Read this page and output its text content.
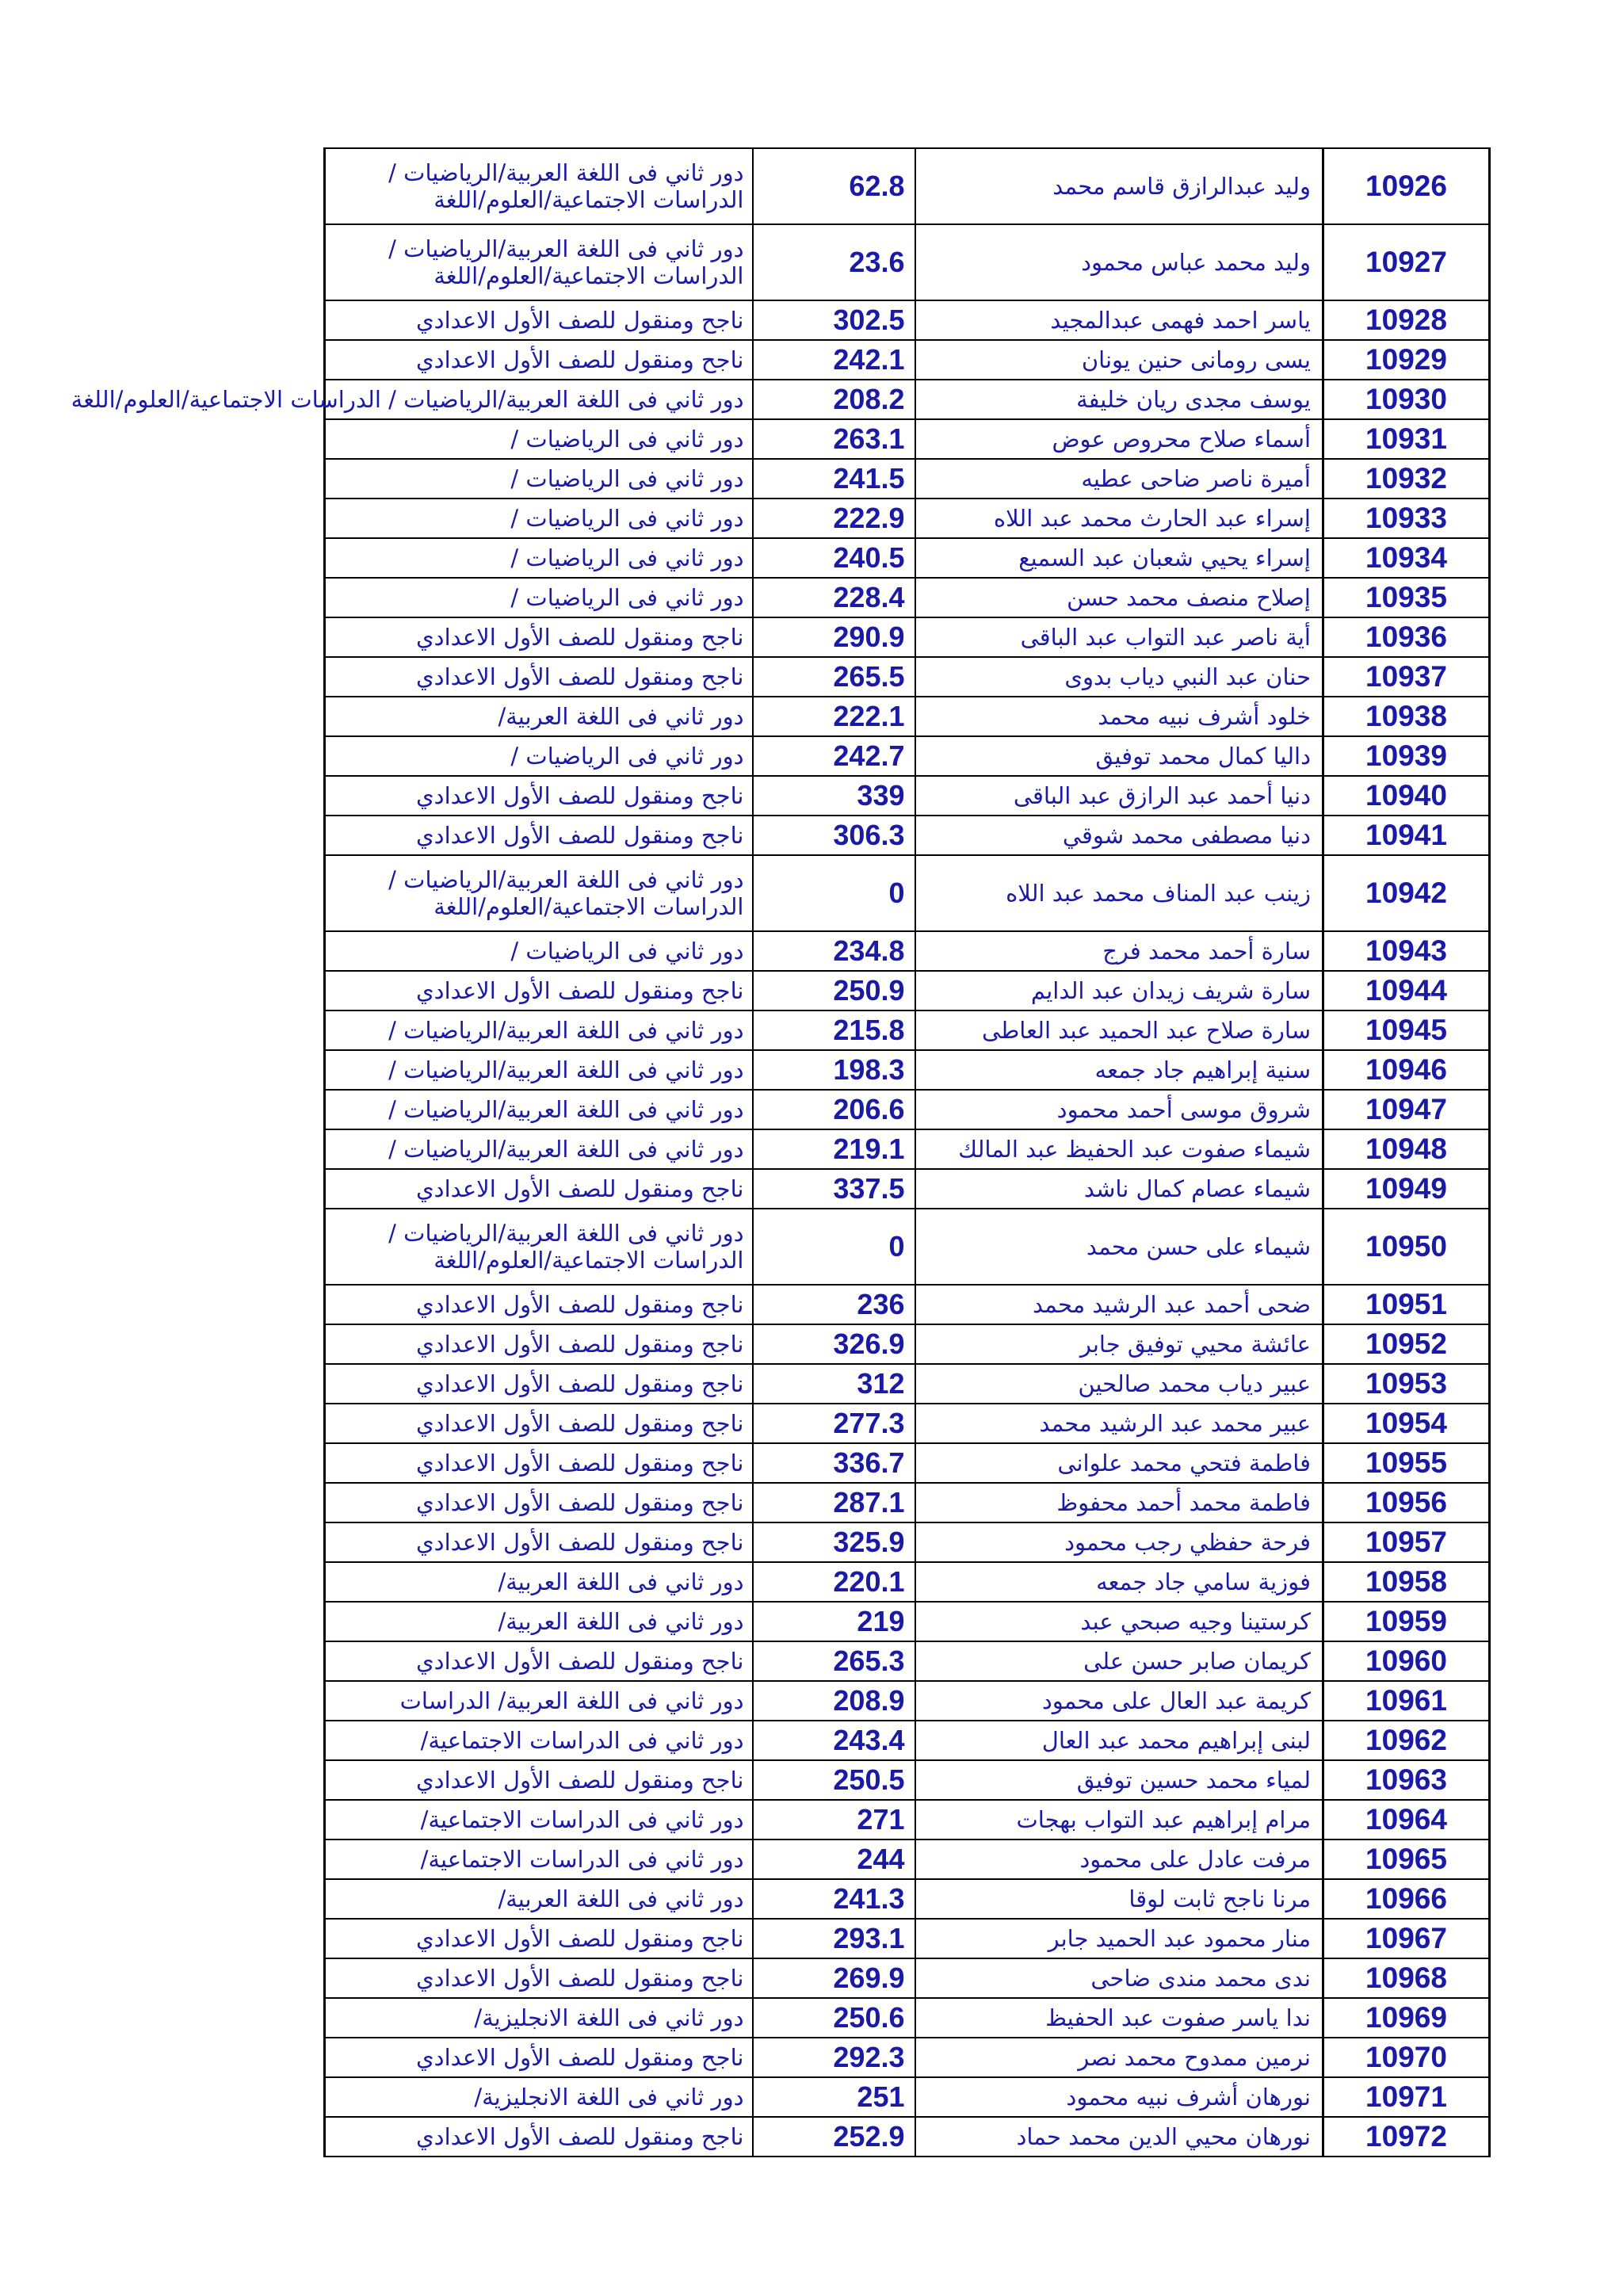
دور ثاني فى اللغة العربية/الرياضيات / الدراسات الاجتماعية/العلوم/اللغة	62.8	وليد عبدالرازق قاسم محمد	10926

دور ثاني فى اللغة العربية/الرياضيات / الدراسات الاجتماعية/العلوم/اللغة	23.6	وليد محمد عباس محمود	10927

ناجح ومنقول للصف الأول الاعدادي	302.5	ياسر احمد فهمى عبدالمجيد	10928

ناجح ومنقول للصف الأول الاعدادي	242.1	يسى رومانى حنين يونان	10929

دور ثاني فى اللغة العربية/الرياضيات / الدراسات الاجتماعية/العلوم/اللغة	208.2	يوسف مجدى ريان خليفة	10930

دور ثاني فى الرياضيات /	263.1	أسماء صلاح محروص عوض	10931

دور ثاني فى الرياضيات /	241.5	أميرة ناصر ضاحى عطيه	10932

دور ثاني فى الرياضيات /	222.9	إسراء عبد الحارث محمد عبد اللاه	10933

دور ثاني فى الرياضيات /	240.5	إسراء يحيي شعبان عبد السميع	10934

دور ثاني فى الرياضيات /	228.4	إصلاح منصف محمد حسن	10935

ناجح ومنقول للصف الأول الاعدادي	290.9	أية ناصر عبد التواب عبد الباقى	10936

ناجح ومنقول للصف الأول الاعدادي	265.5	حنان عبد النبي دياب بدوى	10937

دور ثاني فى اللغة العربية/	222.1	خلود أشرف نبيه محمد	10938

دور ثاني فى الرياضيات /	242.7	داليا كمال محمد توفيق	10939

ناجح ومنقول للصف الأول الاعدادي	339	دنيا أحمد عبد الرازق عبد الباقى	10940

ناجح ومنقول للصف الأول الاعدادي	306.3	دنيا مصطفى محمد شوقي	10941

دور ثاني فى اللغة العربية/الرياضيات / الدراسات الاجتماعية/العلوم/اللغة	0	زينب عبد المناف محمد عبد اللاه	10942

دور ثاني فى الرياضيات /	234.8	سارة أحمد محمد فرج	10943

ناجح ومنقول للصف الأول الاعدادي	250.9	سارة شريف زيدان عبد الدايم	10944

دور ثاني فى اللغة العربية/الرياضيات /	215.8	سارة صلاح عبد الحميد عبد العاطى	10945

دور ثاني فى اللغة العربية/الرياضيات /	198.3	سنية إبراهيم جاد جمعه	10946

دور ثاني فى اللغة العربية/الرياضيات /	206.6	شروق موسى أحمد محمود	10947

دور ثاني فى اللغة العربية/الرياضيات /	219.1	شيماء صفوت عبد الحفيظ عبد المالك	10948

ناجح ومنقول للصف الأول الاعدادي	337.5	شيماء عصام كمال ناشد	10949

دور ثاني فى اللغة العربية/الرياضيات / الدراسات الاجتماعية/العلوم/اللغة	0	شيماء على حسن محمد	10950

ناجح ومنقول للصف الأول الاعدادي	236	ضحى أحمد عبد الرشيد محمد	10951

ناجح ومنقول للصف الأول الاعدادي	326.9	عائشة محيي توفيق جابر	10952

ناجح ومنقول للصف الأول الاعدادي	312	عبير دياب محمد صالحين	10953

ناجح ومنقول للصف الأول الاعدادي	277.3	عبير محمد عبد الرشيد محمد	10954

ناجح ومنقول للصف الأول الاعدادي	336.7	فاطمة فتحي محمد علوانى	10955

ناجح ومنقول للصف الأول الاعدادي	287.1	فاطمة محمد أحمد محفوظ	10956

ناجح ومنقول للصف الأول الاعدادي	325.9	فرحة حفظي رجب محمود	10957

دور ثاني فى اللغة العربية/	220.1	فوزية سامي جاد جمعه	10958

دور ثاني فى اللغة العربية/	219	كرستينا وجيه صبحي عبد	10959

ناجح ومنقول للصف الأول الاعدادي	265.3	كريمان صابر حسن على	10960

دور ثاني فى اللغة العربية/ الدراسات	208.9	كريمة عبد العال على محمود	10961

دور ثاني فى الدراسات الاجتماعية/	243.4	لبنى إبراهيم محمد عبد العال	10962

ناجح ومنقول للصف الأول الاعدادي	250.5	لمياء محمد حسين توفيق	10963

دور ثاني فى الدراسات الاجتماعية/	271	مرام إبراهيم عبد التواب بهجات	10964

دور ثاني فى الدراسات الاجتماعية/	244	مرفت عادل على محمود	10965

دور ثاني فى اللغة العربية/	241.3	مرنا ناجح ثابت لوقا	10966

ناجح ومنقول للصف الأول الاعدادي	293.1	منار محمود عبد الحميد جابر	10967

ناجح ومنقول للصف الأول الاعدادي	269.9	ندى محمد مندى ضاحى	10968

دور ثاني فى اللغة الانجليزية/	250.6	ندا ياسر صفوت عبد الحفيظ	10969

ناجح ومنقول للصف الأول الاعدادي	292.3	نرمين ممدوح محمد نصر	10970

دور ثاني فى اللغة الانجليزية/	251	نورهان أشرف نبيه محمود	10971

ناجح ومنقول للصف الأول الاعدادي	252.9	نورهان محيي الدين محمد حماد	10972
